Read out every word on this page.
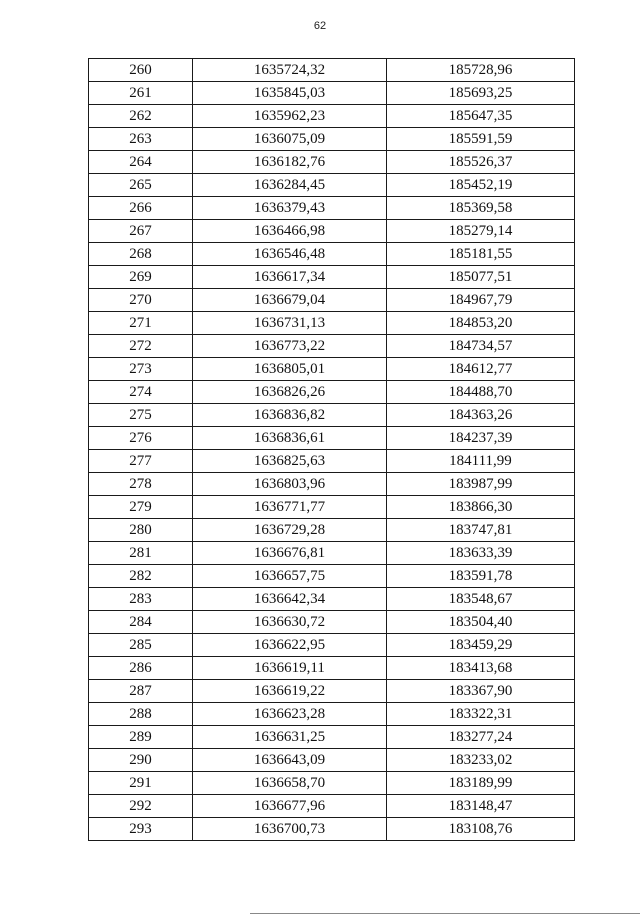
62
260	1635724,32	185728,96
261	1635845,03	185693,25
262	1635962,23	185647,35
263	1636075,09	185591,59
264	1636182,76	185526,37
265	1636284,45	185452,19
266	1636379,43	185369,58
267	1636466,98	185279,14
268	1636546,48	185181,55
269	1636617,34	185077,51
270	1636679,04	184967,79
271	1636731,13	184853,20
272	1636773,22	184734,57
273	1636805,01	184612,77
274	1636826,26	184488,70
275	1636836,82	184363,26
276	1636836,61	184237,39
277	1636825,63	184111,99
278	1636803,96	183987,99
279	1636771,77	183866,30
280	1636729,28	183747,81
281	1636676,81	183633,39
282	1636657,75	183591,78
283	1636642,34	183548,67
284	1636630,72	183504,40
285	1636622,95	183459,29
286	1636619,11	183413,68
287	1636619,22	183367,90
288	1636623,28	183322,31
289	1636631,25	183277,24
290	1636643,09	183233,02
291	1636658,70	183189,99
292	1636677,96	183148,47
293	1636700,73	183108,76
